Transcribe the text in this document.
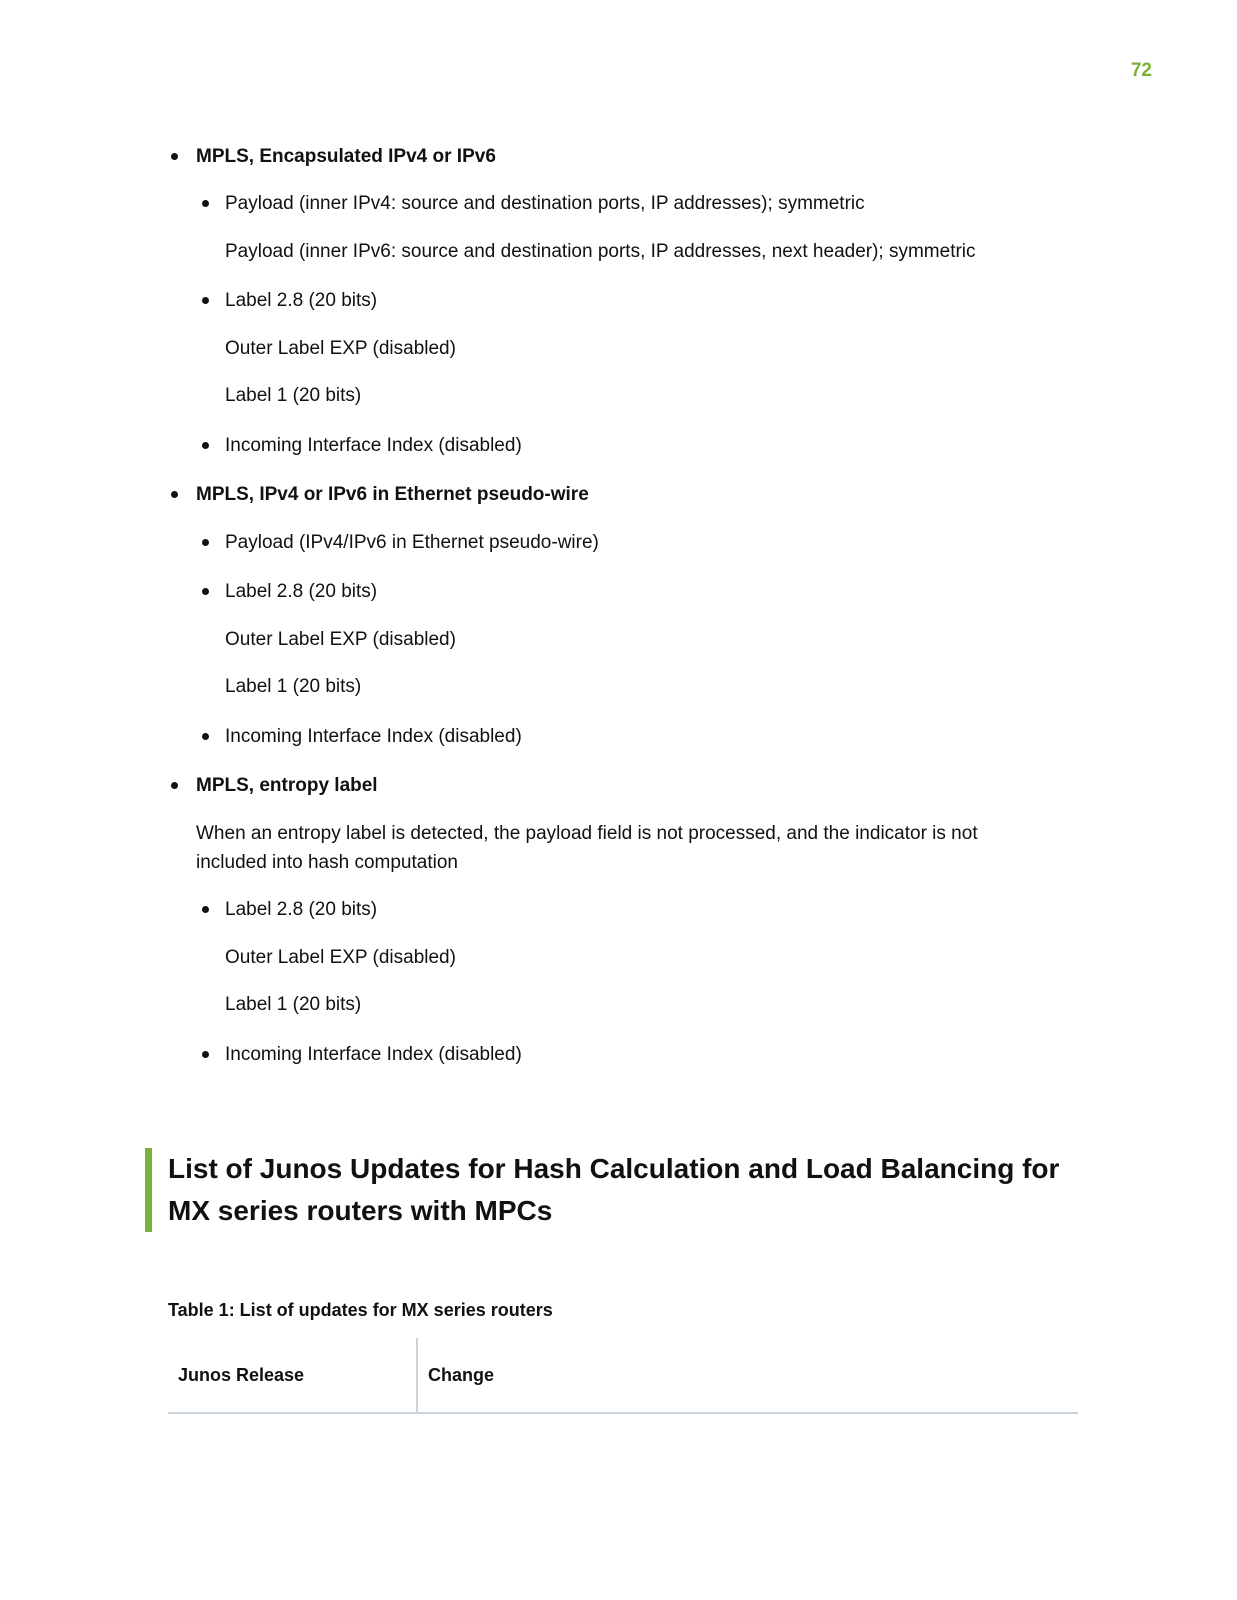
72
MPLS, Encapsulated IPv4 or IPv6
Payload (inner IPv4: source and destination ports, IP addresses); symmetric
Payload (inner IPv6: source and destination ports, IP addresses, next header); symmetric
Label 2.8 (20 bits)
Outer Label EXP (disabled)
Label 1 (20 bits)
Incoming Interface Index (disabled)
MPLS, IPv4 or IPv6 in Ethernet pseudo-wire
Payload (IPv4/IPv6 in Ethernet pseudo-wire)
Label 2.8 (20 bits)
Outer Label EXP (disabled)
Label 1 (20 bits)
Incoming Interface Index (disabled)
MPLS, entropy label

When an entropy label is detected, the payload field is not processed, and the indicator is not included into hash computation

Label 2.8 (20 bits)
Outer Label EXP (disabled)
Label 1 (20 bits)
Incoming Interface Index (disabled)
List of Junos Updates for Hash Calculation and Load Balancing for MX series routers with MPCs
Table 1: List of updates for MX series routers
Junos Release	Change
